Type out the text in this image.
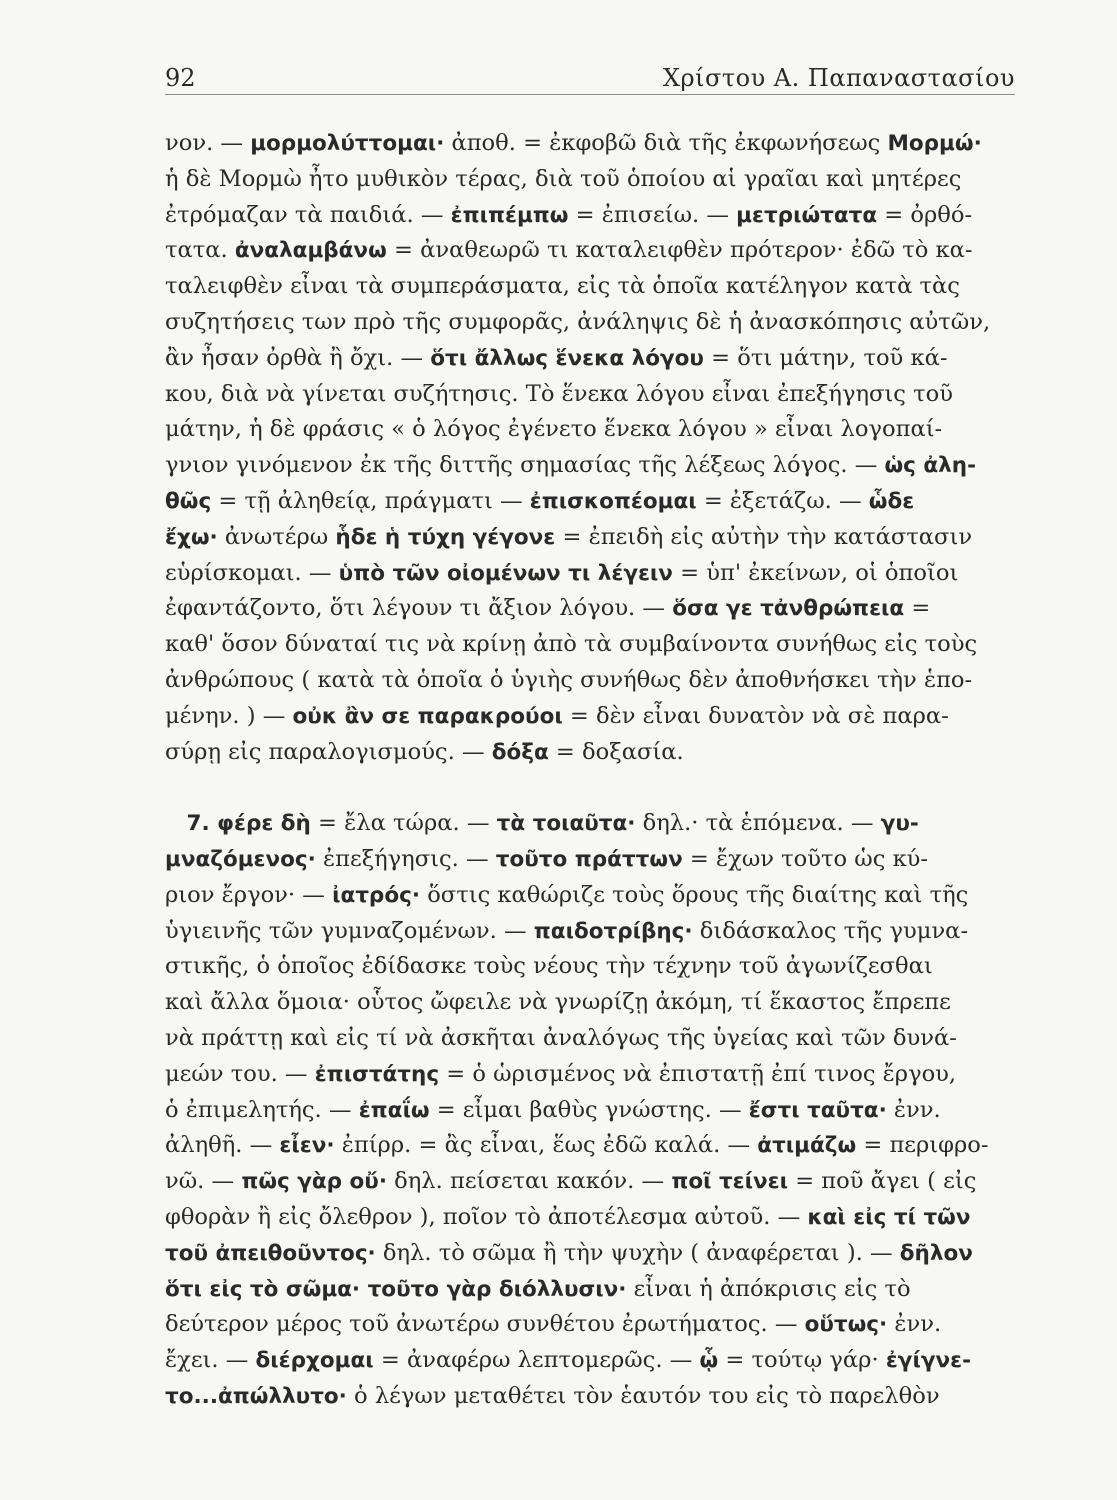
92	Χρίστου Α. Παπαναστασίου
νον. — μορμολύττομαι· ἀποθ. = ἐκφοβῶ διὰ τῆς ἐκφωνήσεως Μορμώ·
ἡ δὲ Μορμὼ ἦτο μυθικὸν τέρας, διὰ τοῦ ὁποίου αἱ γραῖαι καὶ μητέρες
ἐτρόμαζαν τὰ παιδιά. — ἐπιπέμπω = ἐπισείω. — μετριώτατα = ὀρθό-
τατα. ἀναλαμβάνω = ἀναθεωρῶ τι καταλειφθὲν πρότερον· ἐδῶ τὸ κα-
ταλειφθὲν εἶναι τὰ συμπεράσματα, εἰς τὰ ὁποῖα κατέληγον κατὰ τὰς
συζητήσεις των πρὸ τῆς συμφορᾶς, ἀνάληψις δὲ ἡ ἀνασκόπησις αὐτῶν,
ἂν ἦσαν ὀρθὰ ἢ ὄχι. — ὅτι ἄλλως ἕνεκα λόγου = ὅτι μάτην, τοῦ κά-
κου, διὰ νὰ γίνεται συζήτησις. Τὸ ἕνεκα λόγου εἶναι ἐπεξήγησις τοῦ
μάτην, ἡ δὲ φράσις « ὁ λόγος ἐγένετο ἕνεκα λόγου » εἶναι λογοπαί-
γνιον γινόμενον ἐκ τῆς διττῆς σημασίας τῆς λέξεως λόγος. — ὡς ἀλη-
θῶς = τῇ ἀληθείᾳ, πράγματι — ἐπισκοπέομαι = ἐξετάζω. — ὧδε
ἔχω· ἀνωτέρω ἧδε ἡ τύχη γέγονε = ἐπειδὴ εἰς αὐτὴν τὴν κατάστασιν
εὑρίσκομαι. — ὑπὸ τῶν οἰομένων τι λέγειν = ὑπ' ἐκείνων, οἱ ὁποῖοι
ἐφαντάζοντο, ὅτι λέγουν τι ἄξιον λόγου. — ὅσα γε τἀνθρώπεια =
καθ' ὅσον δύναταί τις νὰ κρίνῃ ἀπὸ τὰ συμβαίνοντα συνήθως εἰς τοὺς
ἀνθρώπους ( κατὰ τὰ ὁποῖα ὁ ὑγιὴς συνήθως δὲν ἀποθνήσκει τὴν ἑπο-
μένην. ) — οὐκ ἂν σε παρακρούοι = δὲν εἶναι δυνατὸν νὰ σὲ παρα-
σύρῃ εἰς παραλογισμούς. — δόξα = δοξασία.
7. φέρε δὴ = ἔλα τώρα. — τὰ τοιαῦτα· δηλ.· τὰ ἑπόμενα. — γυ-
μναζόμενος· ἐπεξήγησις. — τοῦτο πράττων = ἔχων τοῦτο ὡς κύ-
ριον ἔργον· — ἰατρός· ὅστις καθώριζε τοὺς ὅρους τῆς διαίτης καὶ τῆς
ὑγιεινῆς τῶν γυμναζομένων. — παιδοτρίβης· διδάσκαλος τῆς γυμνα-
στικῆς, ὁ ὁποῖος ἐδίδασκε τοὺς νέους τὴν τέχνην τοῦ ἀγωνίζεσθαι
καὶ ἄλλα ὅμοια· οὗτος ὤφειλε νὰ γνωρίζῃ ἀκόμη, τί ἕκαστος ἔπρεπε
νὰ πράττῃ καὶ εἰς τί νὰ ἀσκῆται ἀναλόγως τῆς ὑγείας καὶ τῶν δυνά-
μεών του. — ἐπιστάτης = ὁ ὡρισμένος νὰ ἐπιστατῇ ἐπί τινος ἔργου,
ὁ ἐπιμελητής. — ἐπαΐω = εἶμαι βαθὺς γνώστης. — ἔστι ταῦτα· ἐνν.
ἀληθῆ. — εἶεν· ἐπίρρ. = ἂς εἶναι, ἕως ἐδῶ καλά. — ἀτιμάζω = περιφρο-
νῶ. — πῶς γὰρ οὔ· δηλ. πείσεται κακόν. — ποῖ τείνει = ποῦ ἄγει ( εἰς
φθορὰν ἢ εἰς ὄλεθρον ), ποῖον τὸ ἀποτέλεσμα αὐτοῦ. — καὶ εἰς τί τῶν
τοῦ ἀπειθοῦντος· δηλ. τὸ σῶμα ἢ τὴν ψυχὴν ( ἀναφέρεται ). — δῆλον
ὅτι εἰς τὸ σῶμα· τοῦτο γὰρ διόλλυσιν· εἶναι ἡ ἀπόκρισις εἰς τὸ
δεύτερον μέρος τοῦ ἀνωτέρω συνθέτου ἐρωτήματος. — οὕτως· ἐνν.
ἔχει. — διέρχομαι = ἀναφέρω λεπτομερῶς. — ᾧ = τούτῳ γάρ· ἐγίγνε-
το...ἀπώλλυτο· ὁ λέγων μεταθέτει τὸν ἑαυτόν του εἰς τὸ παρελθὸν
